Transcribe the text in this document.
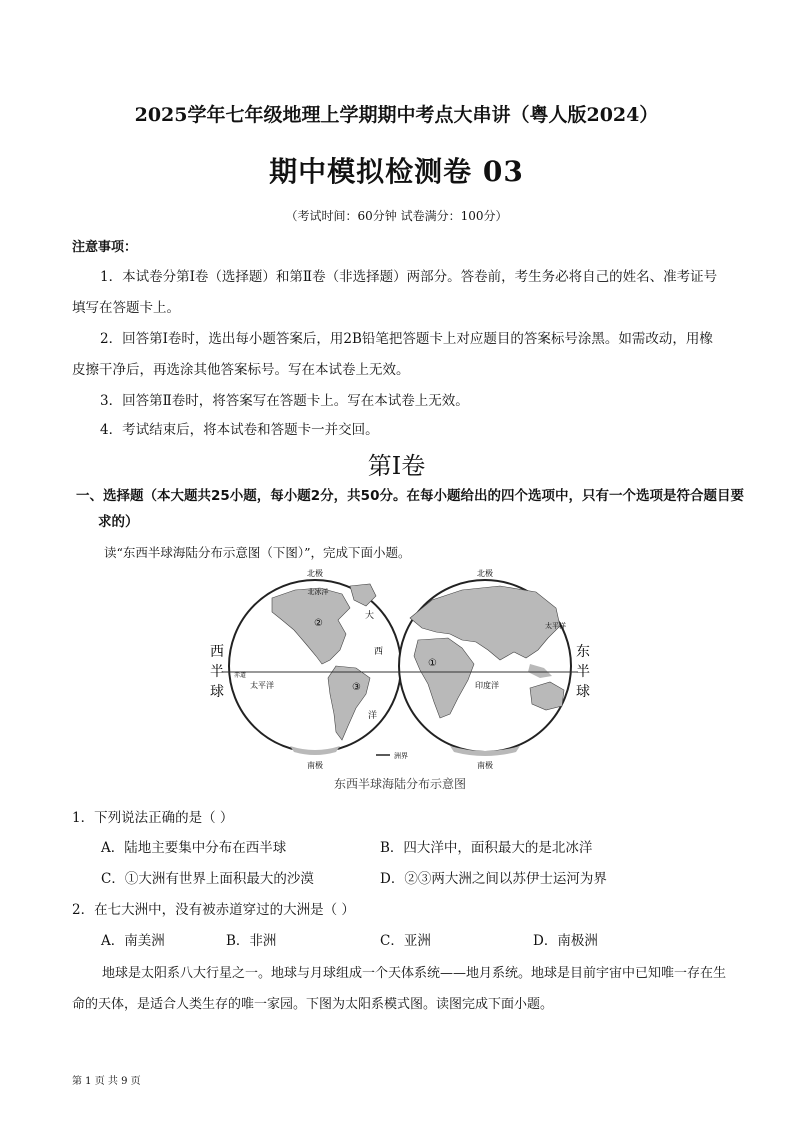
2025学年七年级地理上学期期中考点大串讲（粤人版2024）
期中模拟检测卷 03
（考试时间：60分钟 试卷满分：100分）
注意事项：
1．本试卷分第Ⅰ卷（选择题）和第Ⅱ卷（非选择题）两部分。答卷前，考生务必将自己的姓名、准考证号填写在答题卡上。
2．回答第Ⅰ卷时，选出每小题答案后，用2B铅笔把答题卡上对应题目的答案标号涂黑。如需改动，用橡皮擦干净后，再选涂其他答案标号。写在本试卷上无效。
3．回答第Ⅱ卷时，将答案写在答题卡上。写在本试卷上无效。
4．考试结束后，将本试卷和答题卡一并交回。
第Ⅰ卷
一、选择题（本大题共25小题，每小题2分，共50分。在每小题给出的四个选项中，只有一个选项是符合题目要求的）
读“东西半球海陆分布示意图（下图）”，完成下面小题。
北极	北极
北冰洋
南极	南极
太平洋
赤道
印度洋
大
西
洋
太平洋
②
①
③
西
半
球
东
半
球
洲界
东西半球海陆分布示意图
1．下列说法正确的是（ ）
A．陆地主要集中分布在西半球	B．四大洋中，面积最大的是北冰洋
C．①大洲有世界上面积最大的沙漠	D．②③两大洲之间以苏伊士运河为界
2．在七大洲中，没有被赤道穿过的大洲是（ ）
A．南美洲	B．非洲	C．亚洲	D．南极洲
地球是太阳系八大行星之一。地球与月球组成一个天体系统——地月系统。地球是目前宇宙中已知唯一存在生命的天体，是适合人类生存的唯一家园。下图为太阳系模式图。读图完成下面小题。
第 1 页 共 9 页
